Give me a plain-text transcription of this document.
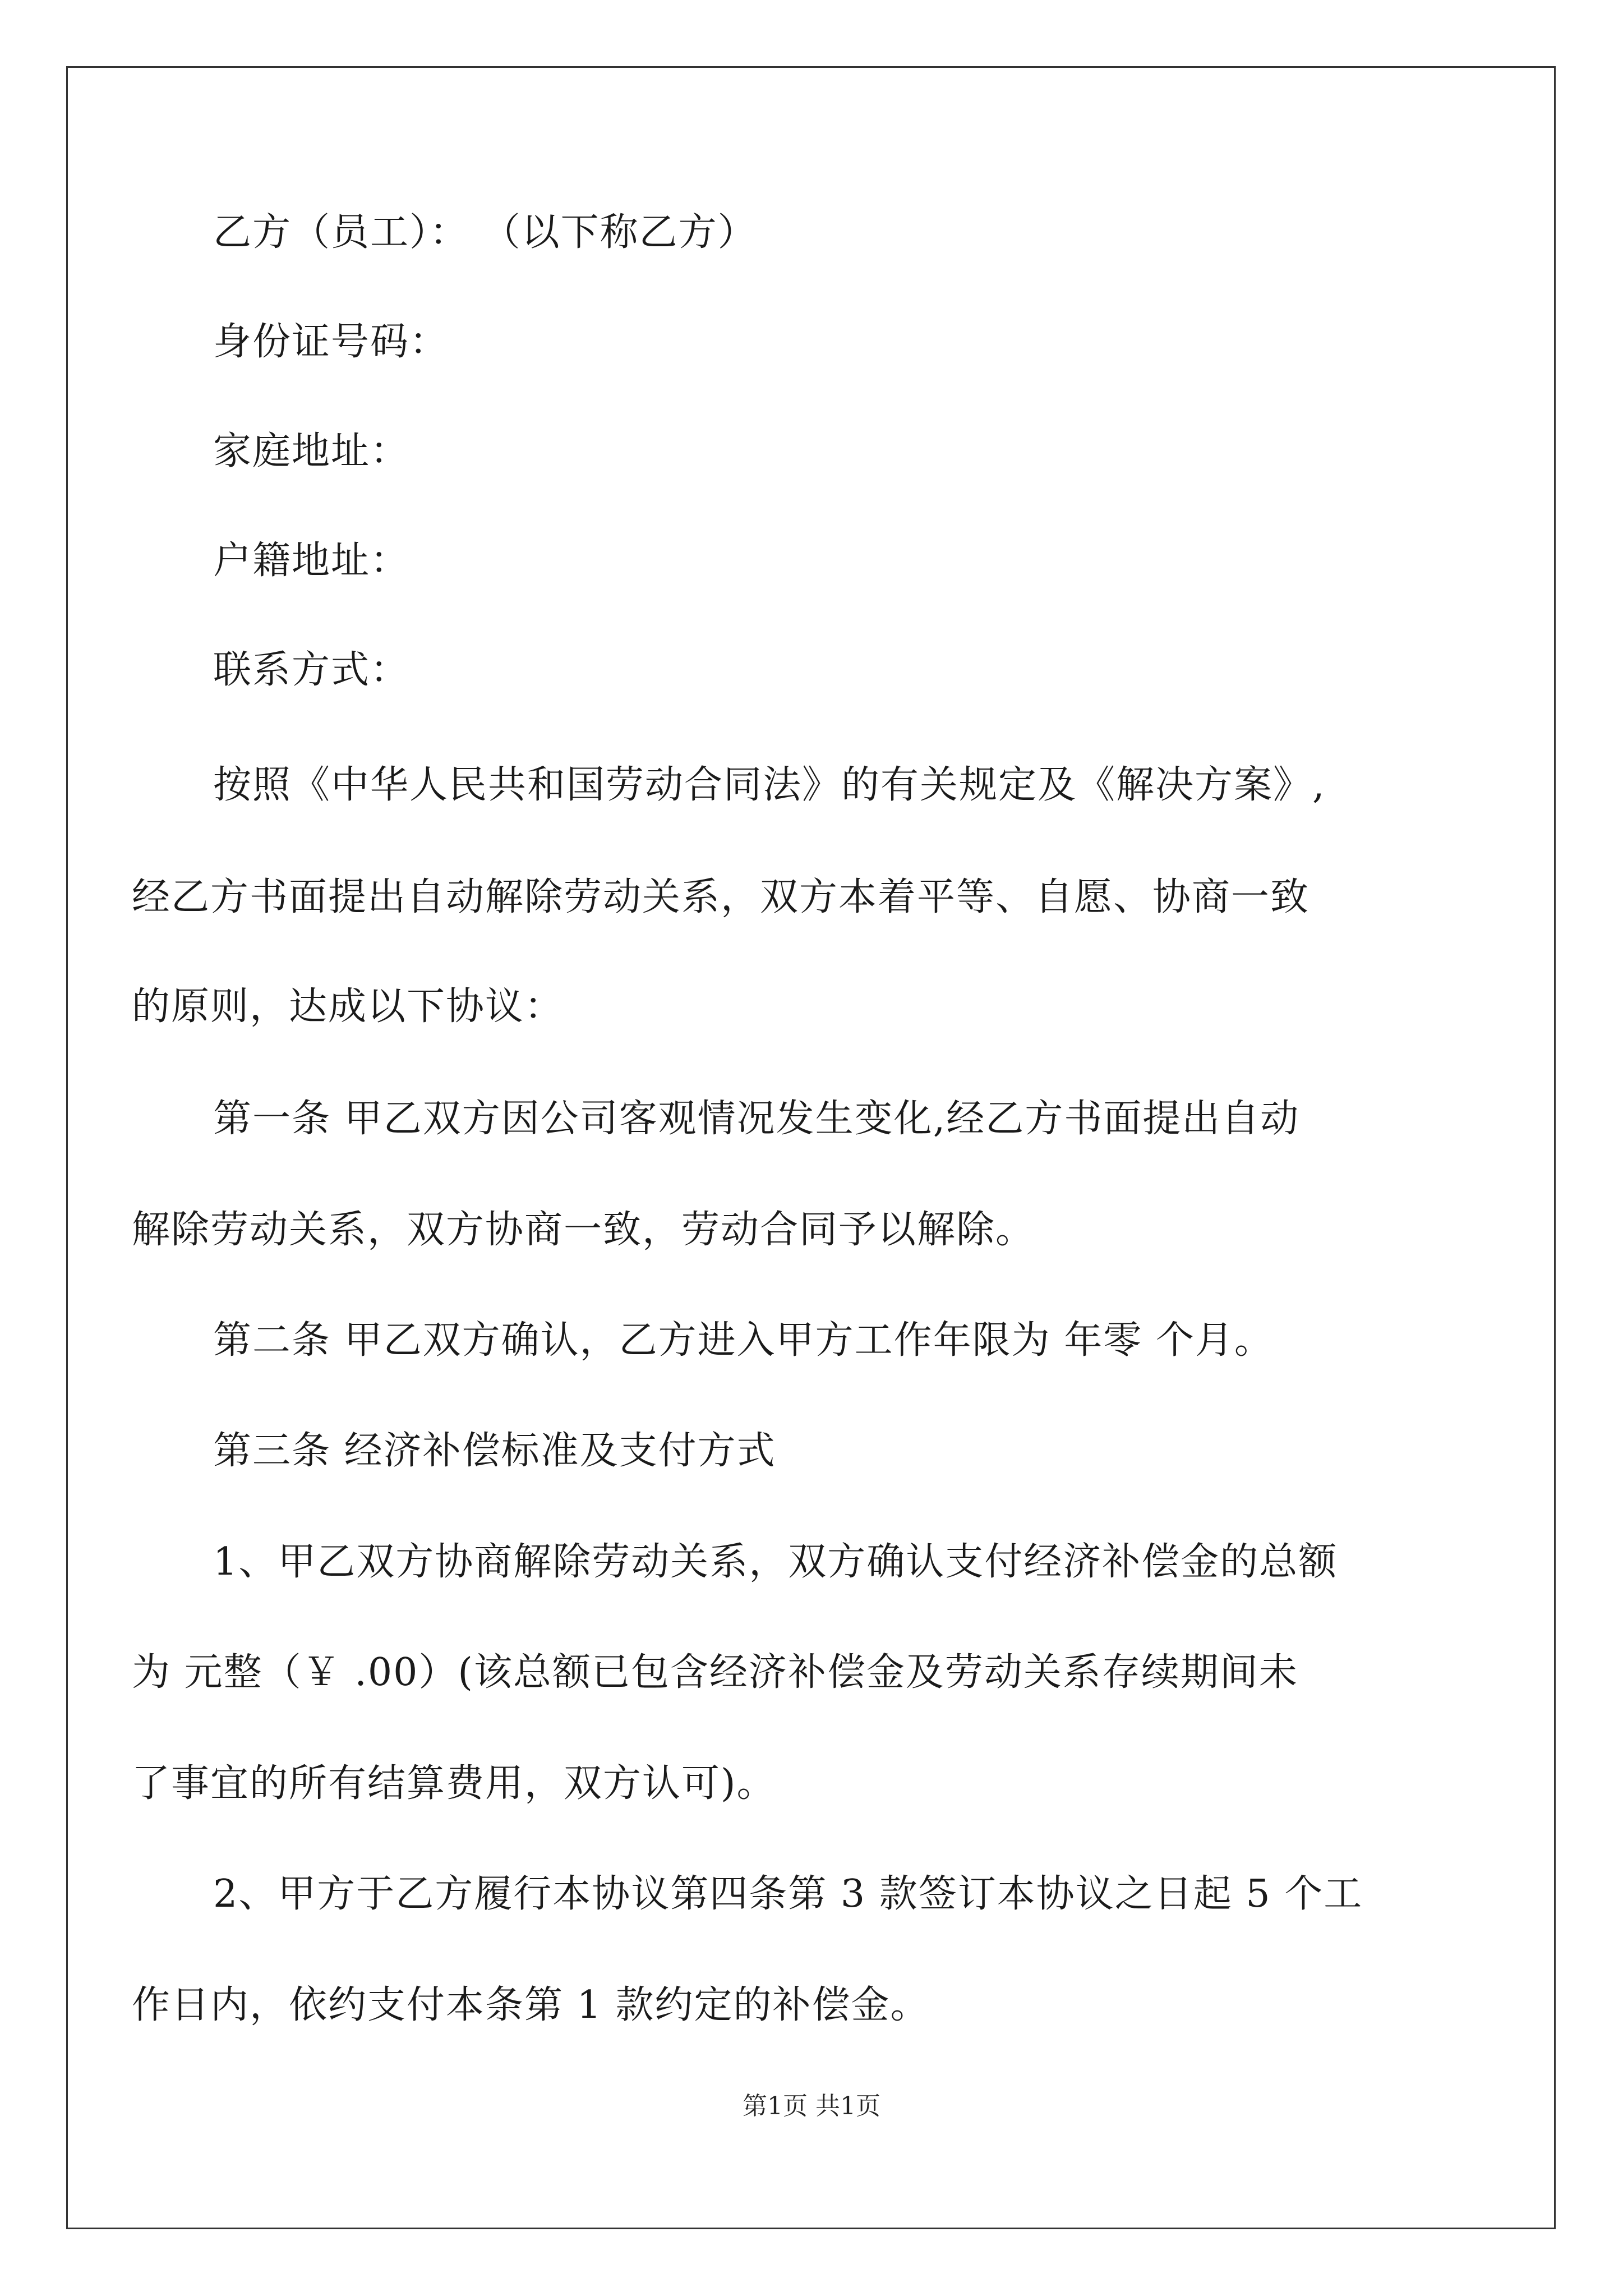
乙方（员工）： （以下称乙方）
身份证号码：
家庭地址：
户籍地址：
联系方式：
按照《中华人民共和国劳动合同法》的有关规定及《解决方案》,
经乙方书面提出自动解除劳动关系，双方本着平等、自愿、协商一致
的原则，达成以下协议：
第一条 甲乙双方因公司客观情况发生变化,经乙方书面提出自动
解除劳动关系，双方协商一致，劳动合同予以解除。
第二条 甲乙双方确认，乙方进入甲方工作年限为 年零 个月。
第三条 经济补偿标准及支付方式
1、甲乙双方协商解除劳动关系，双方确认支付经济补偿金的总额
为 元整（￥ .00）(该总额已包含经济补偿金及劳动关系存续期间未
了事宜的所有结算费用，双方认可)。
2、甲方于乙方履行本协议第四条第 3 款签订本协议之日起 5 个工
作日内，依约支付本条第 1 款约定的补偿金。
第1页 共1页
